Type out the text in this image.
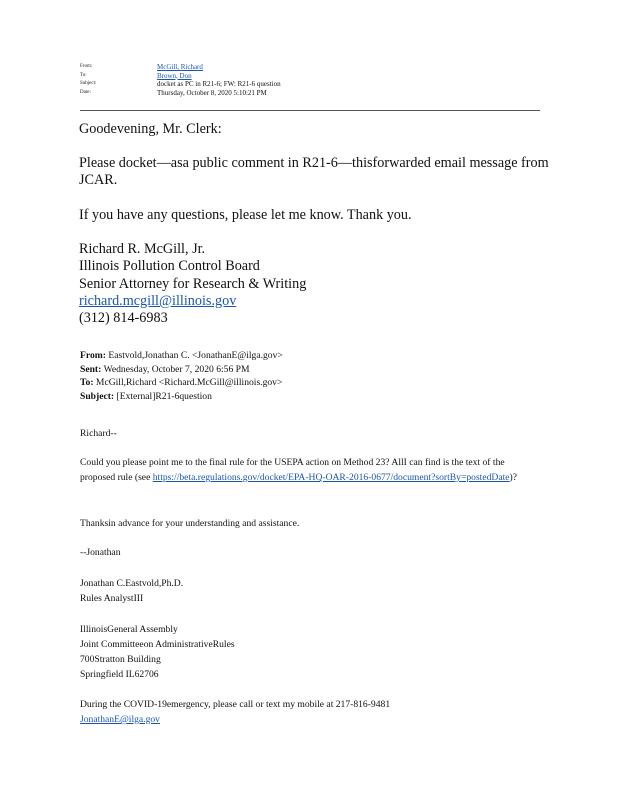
From:	McGill, Richard
To:	Brown, Don
Subject:	docket as PC in R21-6; FW: R21-6 question
Date:	Thursday, October 8, 2020 5:10:21 PM
Goodevening, Mr. Clerk:
Please docket—asa public comment in R21-6—thisforwarded email message from JCAR.
If you have any questions, please let me know. Thank you.
Richard R. McGill, Jr.
Illinois Pollution Control Board
Senior Attorney for Research & Writing
richard.mcgill@illinois.gov
(312) 814-6983
From: Eastvold,Jonathan C. <JonathanE@ilga.gov>
Sent: Wednesday, October 7, 2020 6:56 PM
To: McGill,Richard <Richard.McGill@illinois.gov>
Subject: [External]R21-6question
Richard--
Could you please point me to the final rule for the USEPA action on Method 23? AllI can find is the text of the proposed rule (see https://beta.regulations.gov/docket/EPA-HQ-OAR-2016-0677/document?sortBy=postedDate)?
Thanksin advance for your understanding and assistance.
--Jonathan
Jonathan C.Eastvold,Ph.D.
Rules AnalystIII
IllinoisGeneral Assembly
Joint Committeeon AdministrativeRules
700Stratton Building
Springfield IL62706
During the COVID-19emergency, please call or text my mobile at 217-816-9481
JonathanE@ilga.gov
